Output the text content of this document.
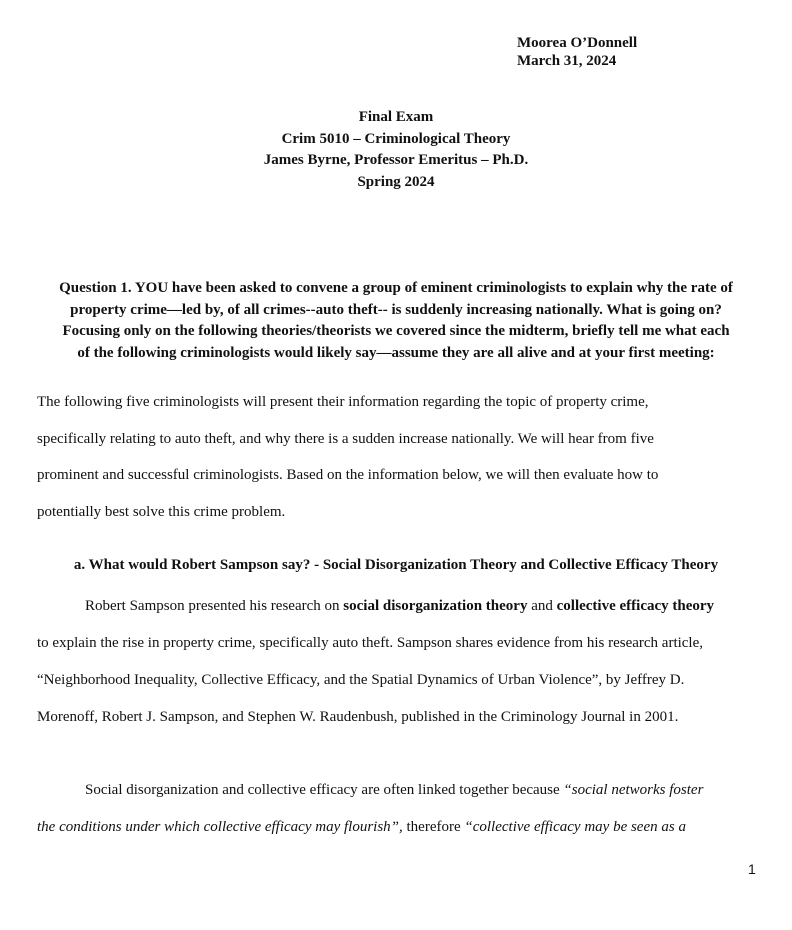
Moorea O’Donnell
March 31, 2024
Final Exam
Crim 5010 – Criminological Theory
James Byrne, Professor Emeritus – Ph.D.
Spring 2024
Question 1. YOU have been asked to convene a group of eminent criminologists to explain why the rate of
property crime—led by, of all crimes--auto theft-- is suddenly increasing nationally. What is going on?
Focusing only on the following theories/theorists we covered since the midterm, briefly tell me what each
of the following criminologists would likely say—assume they are all alive and at your first meeting:
The following five criminologists will present their information regarding the topic of property crime,
specifically relating to auto theft, and why there is a sudden increase nationally. We will hear from five
prominent and successful criminologists. Based on the information below, we will then evaluate how to
potentially best solve this crime problem.
a. What would Robert Sampson say? - Social Disorganization Theory and Collective Efficacy Theory
Robert Sampson presented his research on social disorganization theory and collective efficacy theory
to explain the rise in property crime, specifically auto theft. Sampson shares evidence from his research article,
“Neighborhood Inequality, Collective Efficacy, and the Spatial Dynamics of Urban Violence”, by Jeffrey D.
Morenoff, Robert J. Sampson, and Stephen W. Raudenbush, published in the Criminology Journal in 2001.
Social disorganization and collective efficacy are often linked together because “social networks foster
the conditions under which collective efficacy may flourish”, therefore “collective efficacy may be seen as a
1
